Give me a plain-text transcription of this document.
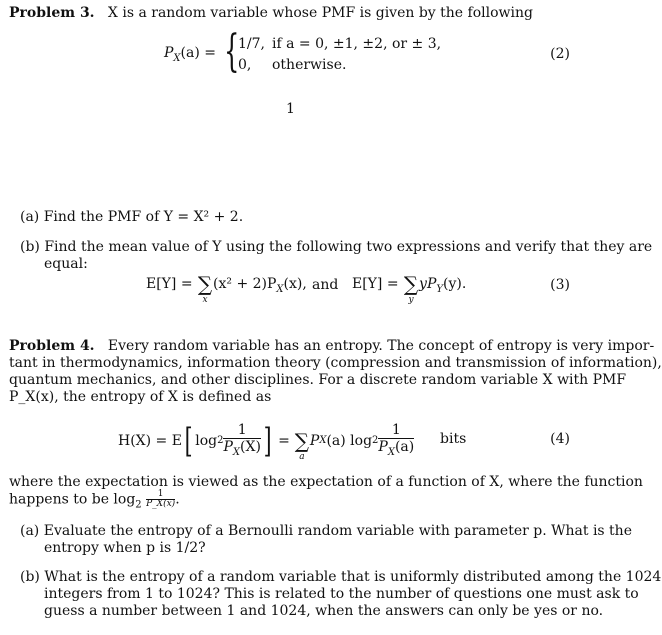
Problem 3. X is a random variable whose PMF is given by the following
$P_X(a)$ = {
1/7, if a = 0, ±1, ±2, or ± 3,
0, otherwise.
(2)
1
(a) Find the PMF of Y = X² + 2.
(b) Find the mean value of Y using the following two expressions and verify that they are
equal:
E[Y] = ∑
x
$(x^2 + 2)P_X(x)$, and E[Y] = ∑
y
$yP_Y(y)$.	(3)
Problem 4. Every random variable has an entropy. The concept of entropy is very impor-
tant in thermodynamics, information theory (compression and transmission of information),
quantum mechanics, and other disciplines. For a discrete random variable X with PMF
P_X(x), the entropy of X is defined as
H(X) = E [ $\log 2 \frac{1}{P_X(X)}$ ] = ∑
a
P X (a) $\log 2 \frac{1}{P_X(a)}$ bits	(4)
where the expectation is viewed as the expectation of a function of X, where the function
happens to be $\log_2 \frac{1}{P\_X(x)}$ .
(a) Evaluate the entropy of a Bernoulli random variable with parameter p. What is the
entropy when p is 1/2?
(b) What is the entropy of a random variable that is uniformly distributed among the 1024
integers from 1 to 1024? This is related to the number of questions one must ask to
guess a number between 1 and 1024, when the answers can only be yes or no.
